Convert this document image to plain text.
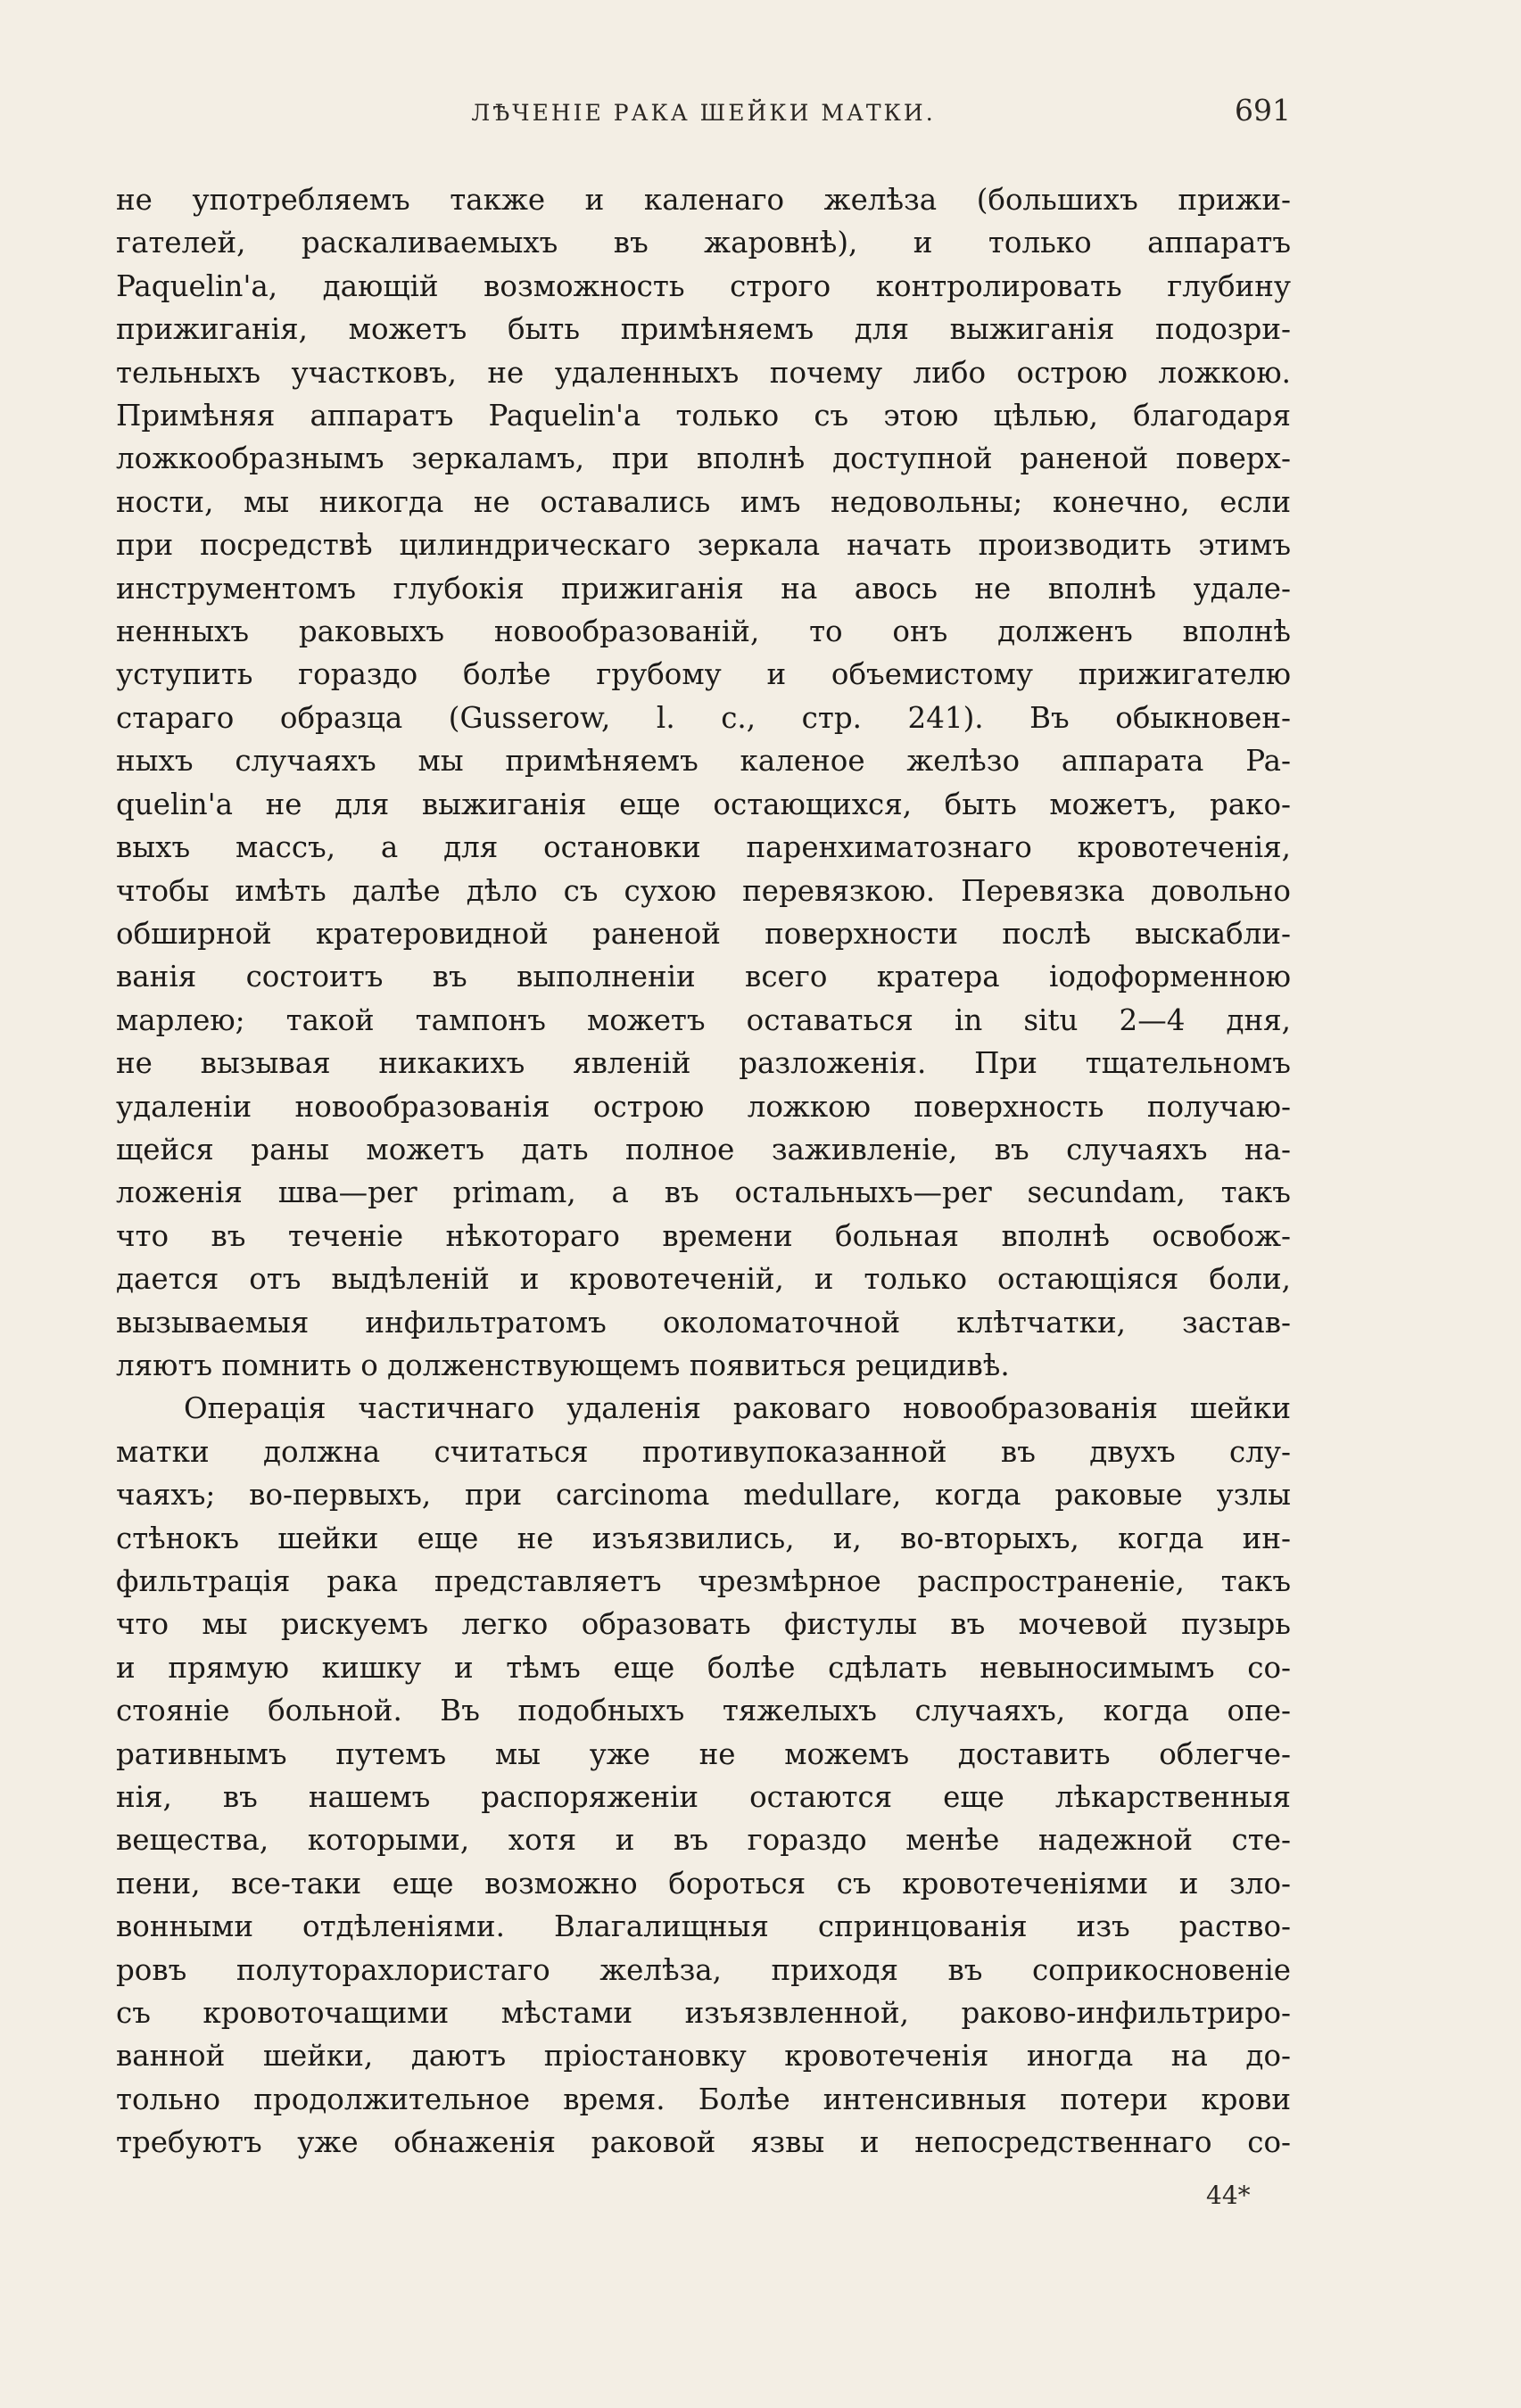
ЛѢЧЕНІЕ РАКА ШЕЙКИ МАТКИ.	691

не употребляемъ также и каленаго желѣза (большихъ прижи-

гателей, раскаливаемыхъ въ жаровнѣ), и только аппаратъ

Paquelin'а, дающій возможность строго контролировать глубину

прижиганія, можетъ быть примѣняемъ для выжиганія подозри-

тельныхъ участковъ, не удаленныхъ почему либо острою ложкою.

Примѣняя аппаратъ Paquelin'а только съ этою цѣлью, благодаря

ложкообразнымъ зеркаламъ, при вполнѣ доступной раненой поверх-

ности, мы никогда не оставались имъ недовольны; конечно, если

при посредствѣ цилиндрическаго зеркала начать производить этимъ

инструментомъ глубокія прижиганія на авось не вполнѣ удале-

ненныхъ раковыхъ новообразованій, то онъ долженъ вполнѣ

уступить гораздо болѣе грубому и объемистому прижигателю

стараго образца (Gusserow, l. c., стр. 241). Въ обыкновен-

ныхъ случаяхъ мы примѣняемъ каленое желѣзо аппарата Pa-

quelin'а не для выжиганія еще остающихся, быть можетъ, рако-

выхъ массъ, а для остановки паренхиматознаго кровотеченія,

чтобы имѣть далѣе дѣло съ сухою перевязкою. Перевязка довольно

обширной кратеровидной раненой поверхности послѣ выскабли-

ванія состоитъ въ выполненіи всего кратера іодоформенною

марлею; такой тампонъ можетъ оставаться in situ 2—4 дня,

не вызывая никакихъ явленій разложенія. При тщательномъ

удаленіи новообразованія острою ложкою поверхность получаю-

щейся раны можетъ дать полное заживленіе, въ случаяхъ на-

ложенія шва—per primam, а въ остальныхъ—per secundam, такъ

что въ теченіе нѣкотораго времени больная вполнѣ освобож-

дается отъ выдѣленій и кровотеченій, и только остающіяся боли,

вызываемыя инфильтратомъ околоматочной клѣтчатки, застав-

ляютъ помнить о долженствующемъ появиться рецидивѣ.

Операція частичнаго удаленія раковаго новообразованія шейки

матки должна считаться противупоказанной въ двухъ слу-

чаяхъ; во-первыхъ, при carcinoma medullare, когда раковые узлы

стѣнокъ шейки еще не изъязвились, и, во-вторыхъ, когда ин-

фильтрація рака представляетъ чрезмѣрное распространеніе, такъ

что мы рискуемъ легко образовать фистулы въ мочевой пузырь

и прямую кишку и тѣмъ еще болѣе сдѣлать невыносимымъ со-

стояніе больной. Въ подобныхъ тяжелыхъ случаяхъ, когда опе-

ративнымъ путемъ мы уже не можемъ доставить облегче-

нія, въ нашемъ распоряженіи остаются еще лѣкарственныя

вещества, которыми, хотя и въ гораздо менѣе надежной сте-

пени, все-таки еще возможно бороться съ кровотеченіями и зло-

вонными отдѣленіями. Влагалищныя спринцованія изъ раство-

ровъ полуторахлористаго желѣза, приходя въ соприкосновеніе

съ кровоточащими мѣстами изъязвленной, раково-инфильтриро-

ванной шейки, даютъ пріостановку кровотеченія иногда на до-

тольно продолжительное время. Болѣе интенсивныя потери крови

требуютъ уже обнаженія раковой язвы и непосредственнаго со-

44*
